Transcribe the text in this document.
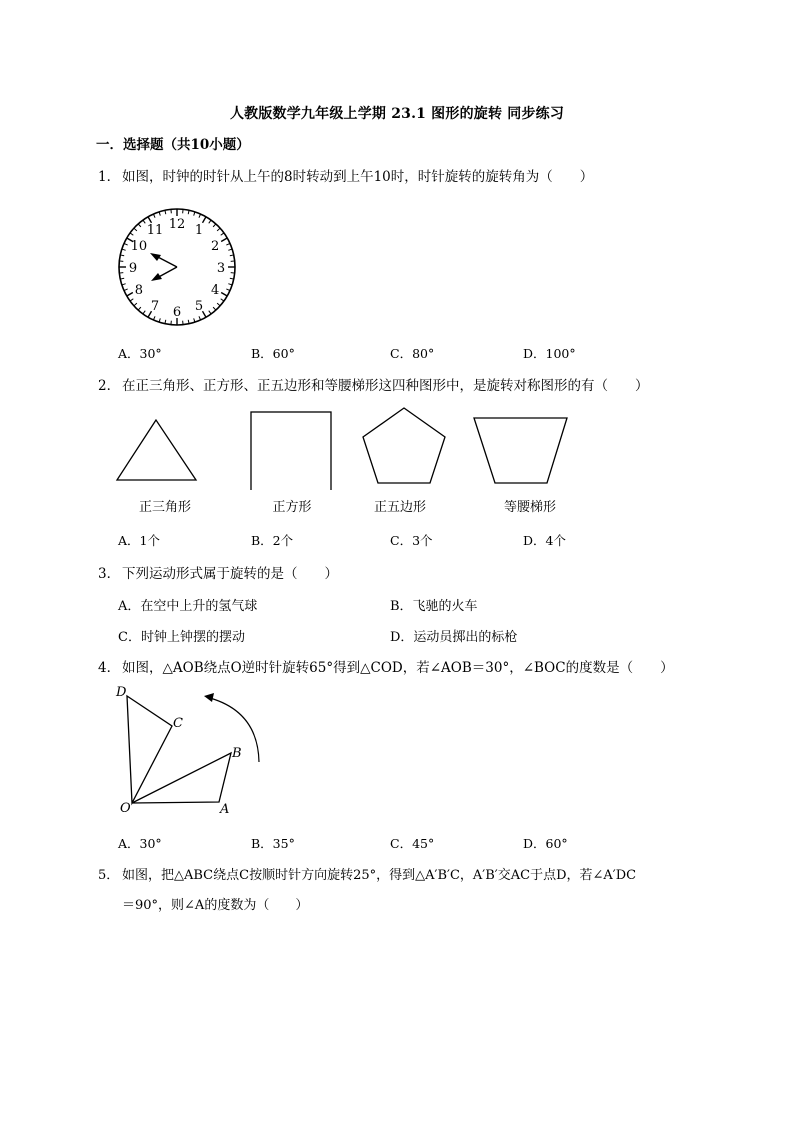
人教版数学九年级上学期 23.1 图形的旋转 同步练习
一．选择题（共10小题）
1． 如图，时钟的时针从上午的8时转动到上午10时，时针旋转的旋转角为（　　）
12 1
2
3
4
5
6
7
8
9
10
11
A．30°	B．60°	C．80°	D．100°
2． 在正三角形、正方形、正五边形和等腰梯形这四种图形中，是旋转对称图形的有（　　）
正三角形	正方形	正五边形	等腰梯形
A．1个	B．2个	C．3个	D．4个
3． 下列运动形式属于旋转的是（　　）
A．在空中上升的氢气球	B．飞驰的火车
C．时钟上钟摆的摆动	D．运动员掷出的标枪
4． 如图，△AOB绕点O逆时针旋转65°得到△COD，若∠AOB＝30°，∠BOC的度数是（　　）
D
C
B
O	A
A．30°	B．35°	C．45°	D．60°
5． 如图，把△ABC绕点C按顺时针方向旋转25°，得到△A′B′C，A′B′交AC于点D，若∠A′DC
＝90°，则∠A的度数为（　　）
